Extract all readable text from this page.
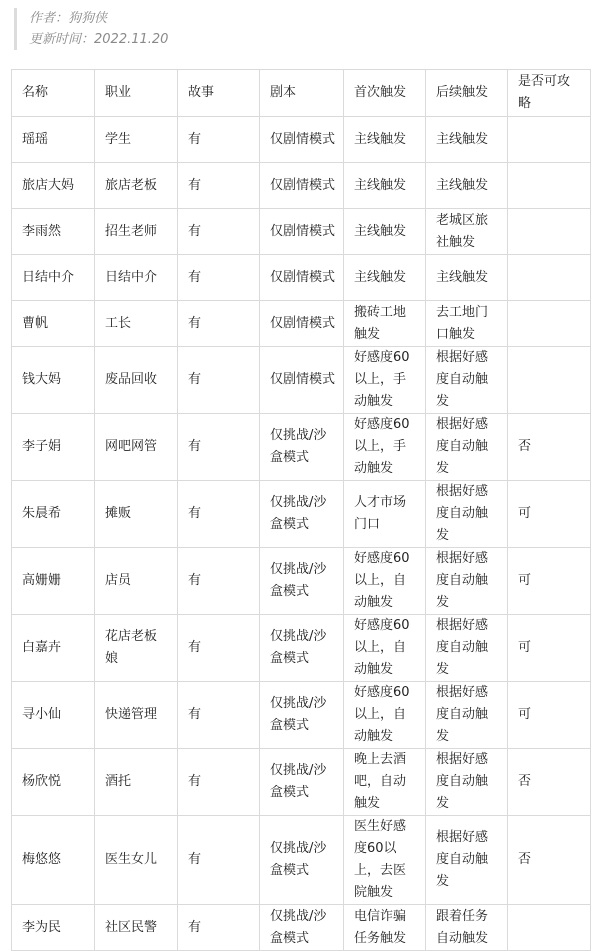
作者：狗狗侠
更新时间：2022.11.20
名称	职业	故事	剧本	首次触发	后续触发	是否可攻略
瑶瑶	学生	有	仅剧情模式	主线触发	主线触发	
旅店大妈	旅店老板	有	仅剧情模式	主线触发	主线触发	
李雨然	招生老师	有	仅剧情模式	主线触发	老城区旅社触发	
日结中介	日结中介	有	仅剧情模式	主线触发	主线触发	
曹帆	工长	有	仅剧情模式	搬砖工地触发	去工地门口触发	
钱大妈	废品回收	有	仅剧情模式	好感度60以上，手动触发	根据好感度自动触发	
李子娟	网吧网管	有	仅挑战/沙盒模式	好感度60以上，手动触发	根据好感度自动触发	否
朱晨希	摊贩	有	仅挑战/沙盒模式	人才市场门口	根据好感度自动触发	可
高姗姗	店员	有	仅挑战/沙盒模式	好感度60以上，自动触发	根据好感度自动触发	可
白嘉卉	花店老板娘	有	仅挑战/沙盒模式	好感度60以上，自动触发	根据好感度自动触发	可
寻小仙	快递管理	有	仅挑战/沙盒模式	好感度60以上，自动触发	根据好感度自动触发	可
杨欣悦	酒托	有	仅挑战/沙盒模式	晚上去酒吧，自动触发	根据好感度自动触发	否
梅悠悠	医生女儿	有	仅挑战/沙盒模式	医生好感度60以上，去医院触发	根据好感度自动触发	否
李为民	社区民警	有	仅挑战/沙盒模式	电信诈骗任务触发	跟着任务自动触发	
